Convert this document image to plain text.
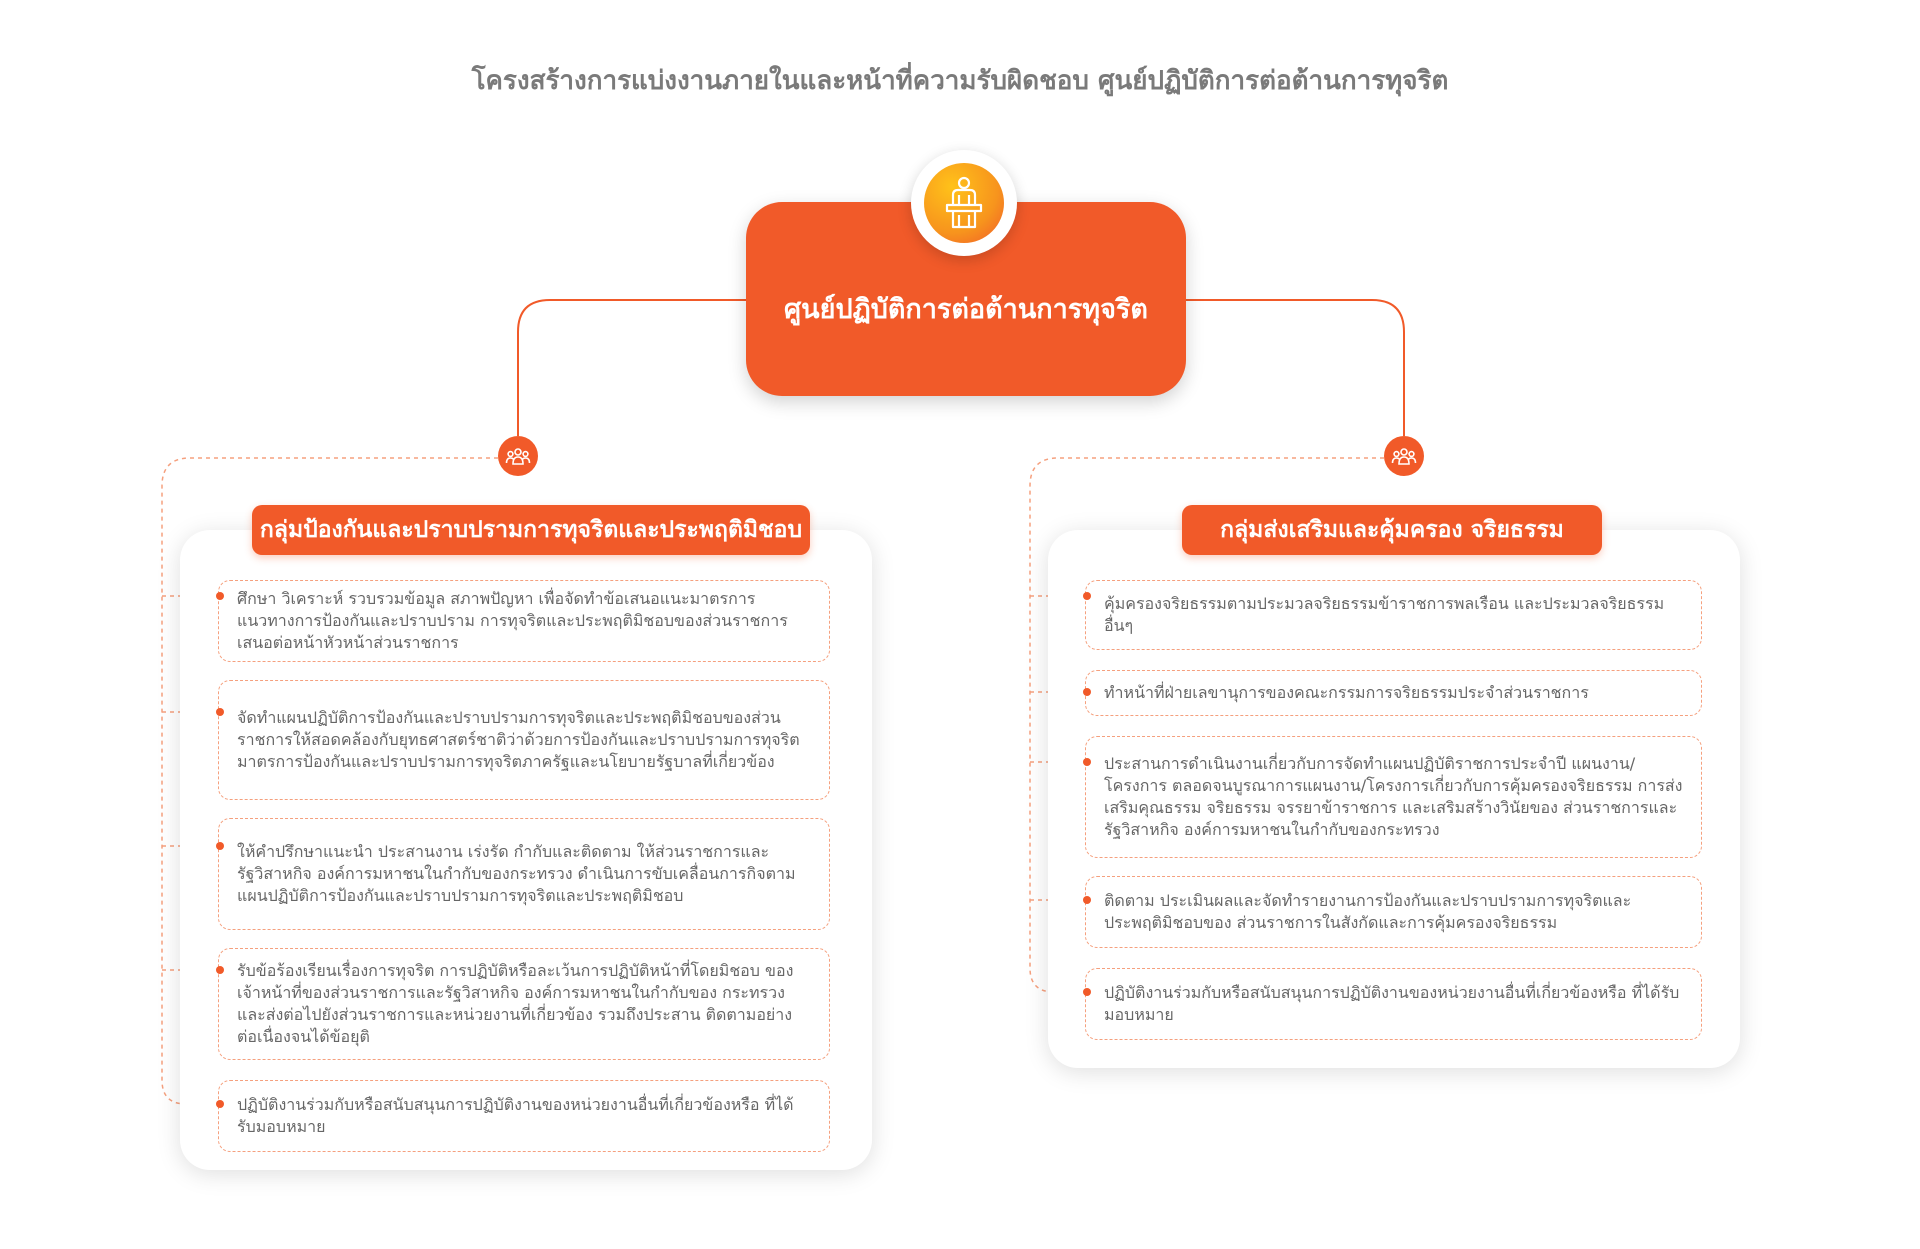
โครงสร้างการแบ่งงานภายในและหน้าที่ความรับผิดชอบ ศูนย์ปฏิบัติการต่อต้านการทุจริต
ศูนย์ปฏิบัติการต่อต้านการทุจริต
กลุ่มป้องกันและปราบปรามการทุจริตและประพฤติมิชอบ
ศึกษา วิเคราะห์ รวบรวมข้อมูล สภาพปัญหา เพื่อจัดทำข้อเสนอแนะมาตรการ แนวทางการป้องกันและปราบปราม การทุจริตและประพฤติมิชอบของส่วนราชการเสนอต่อหน้าหัวหน้าส่วนราชการ
จัดทำแผนปฏิบัติการป้องกันและปราบปรามการทุจริตและประพฤติมิชอบของส่วนราชการให้สอดคล้องกับยุทธศาสตร์ชาติว่าด้วยการป้องกันและปราบปรามการทุจริต มาตรการป้องกันและปราบปรามการทุจริตภาครัฐและนโยบายรัฐบาลที่เกี่ยวข้อง
ให้คำปรึกษาแนะนำ ประสานงาน เร่งรัด กำกับและติดตาม ให้ส่วนราชการและรัฐวิสาหกิจ องค์การมหาชนในกำกับของกระทรวง ดำเนินการขับเคลื่อนการกิจตามแผนปฏิบัติการป้องกันและปราบปรามการทุจริตและประพฤติมิชอบ
รับข้อร้องเรียนเรื่องการทุจริต การปฏิบัติหรือละเว้นการปฏิบัติหน้าที่โดยมิชอบ ของเจ้าหน้าที่ของส่วนราชการและรัฐวิสาหกิจ องค์การมหาชนในกำกับของ กระทรวงและส่งต่อไปยังส่วนราชการและหน่วยงานที่เกี่ยวข้อง รวมถึงประสาน ติดตามอย่างต่อเนื่องจนได้ข้อยุติ
ปฏิบัติงานร่วมกับหรือสนับสนุนการปฏิบัติงานของหน่วยงานอื่นที่เกี่ยวข้องหรือ ที่ได้รับมอบหมาย
กลุ่มส่งเสริมและคุ้มครอง จริยธรรม
คุ้มครองจริยธรรมตามประมวลจริยธรรมข้าราชการพลเรือน และประมวลจริยธรรมอื่นๆ
ทำหน้าที่ฝ่ายเลขานุการของคณะกรรมการจริยธรรมประจำส่วนราชการ
ประสานการดำเนินงานเกี่ยวกับการจัดทำแผนปฏิบัติราชการประจำปี แผนงาน/โครงการ ตลอดจนบูรณาการแผนงาน/โครงการเกี่ยวกับการคุ้มครองจริยธรรม การส่งเสริมคุณธรรม จริยธรรม จรรยาข้าราชการ และเสริมสร้างวินัยของ ส่วนราชการและรัฐวิสาหกิจ องค์การมหาชนในกำกับของกระทรวง
ติดตาม ประเมินผลและจัดทำรายงานการป้องกันและปราบปรามการทุจริตและประพฤติมิชอบของ ส่วนราชการในสังกัดและการคุ้มครองจริยธรรม
ปฏิบัติงานร่วมกับหรือสนับสนุนการปฏิบัติงานของหน่วยงานอื่นที่เกี่ยวข้องหรือ ที่ได้รับมอบหมาย
